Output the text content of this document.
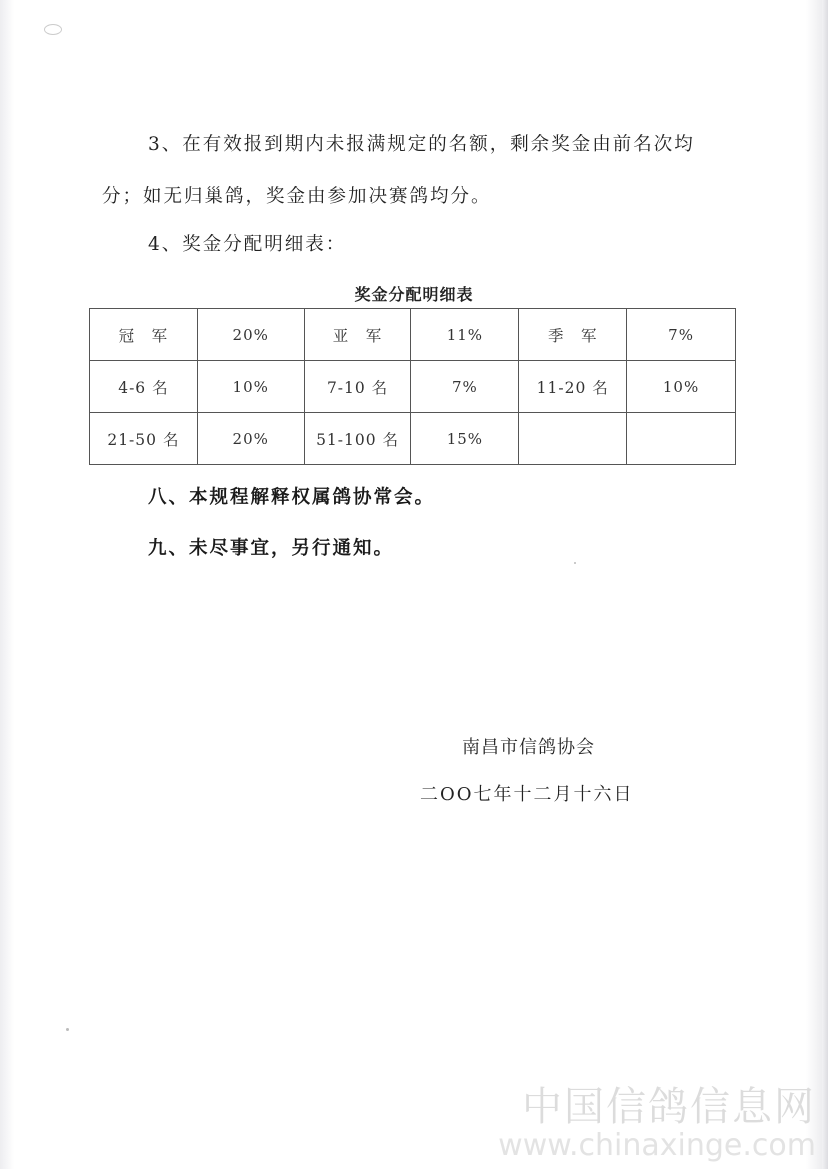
3、在有效报到期内未报满规定的名额，剩余奖金由前名次均
分；如无归巢鸽，奖金由参加决赛鸽均分。
4、奖金分配明细表：
奖金分配明细表
冠　军	20%	亚　军	11%	季　军	7%
4-6 名	10%	7-10 名	7%	11-20 名	10%
21-50 名	20%	51-100 名	15%		
八、本规程解释权属鸽协常会。
九、未尽事宜，另行通知。
南昌市信鸽协会
二OO七年十二月十六日
中国信鸽信息网
www.chinaxinge.com
